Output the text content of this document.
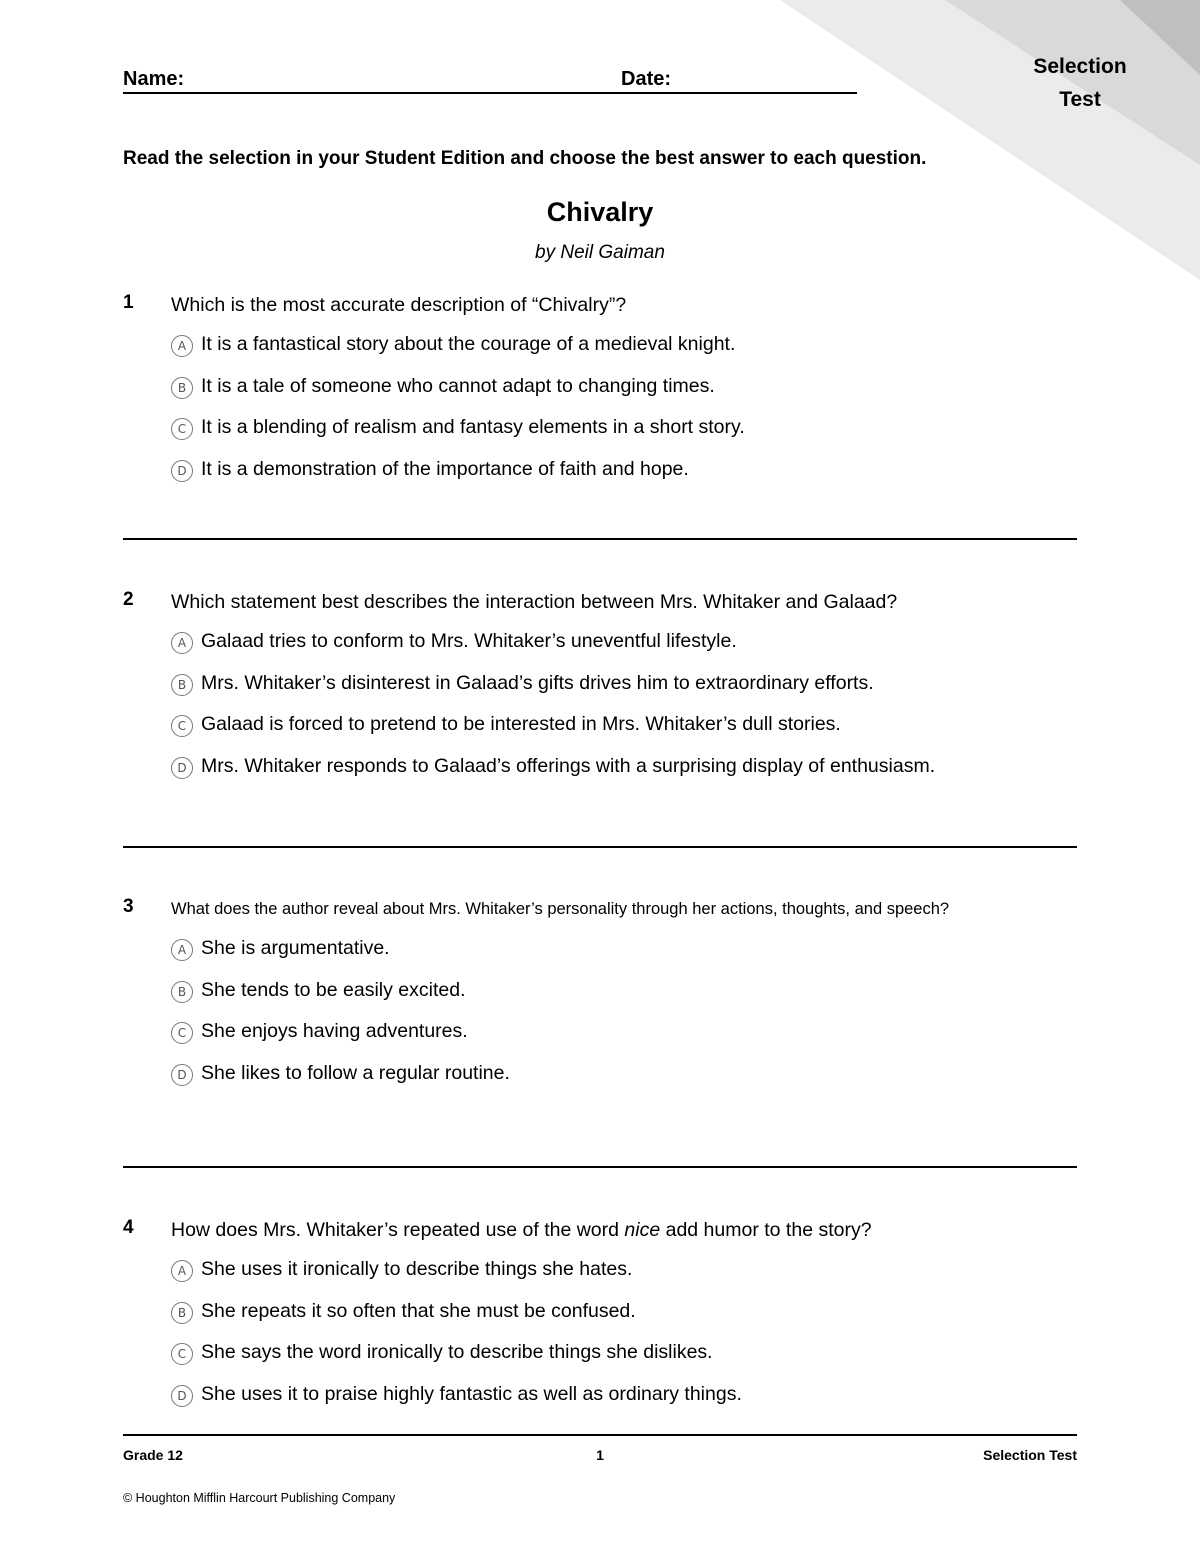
Selection
Test
Name:	Date:
Read the selection in your Student Edition and choose the best answer to each question.
Chivalry
by Neil Gaiman
1 Which is the most accurate description of “Chivalry”?
A It is a fantastical story about the courage of a medieval knight.
B It is a tale of someone who cannot adapt to changing times.
C It is a blending of realism and fantasy elements in a short story.
D It is a demonstration of the importance of faith and hope.
2 Which statement best describes the interaction between Mrs. Whitaker and Galaad?
A Galaad tries to conform to Mrs. Whitaker’s uneventful lifestyle.
B Mrs. Whitaker’s disinterest in Galaad’s gifts drives him to extraordinary efforts.
C Galaad is forced to pretend to be interested in Mrs. Whitaker’s dull stories.
D Mrs. Whitaker responds to Galaad’s offerings with a surprising display of enthusiasm.
3 What does the author reveal about Mrs. Whitaker’s personality through her actions, thoughts, and speech?
A She is argumentative.
B She tends to be easily excited.
C She enjoys having adventures.
D She likes to follow a regular routine.
4 How does Mrs. Whitaker’s repeated use of the word nice add humor to the story?
A She uses it ironically to describe things she hates.
B She repeats it so often that she must be confused.
C She says the word ironically to describe things she dislikes.
D She uses it to praise highly fantastic as well as ordinary things.
Grade 12	1	Selection Test
© Houghton Mifflin Harcourt Publishing Company
